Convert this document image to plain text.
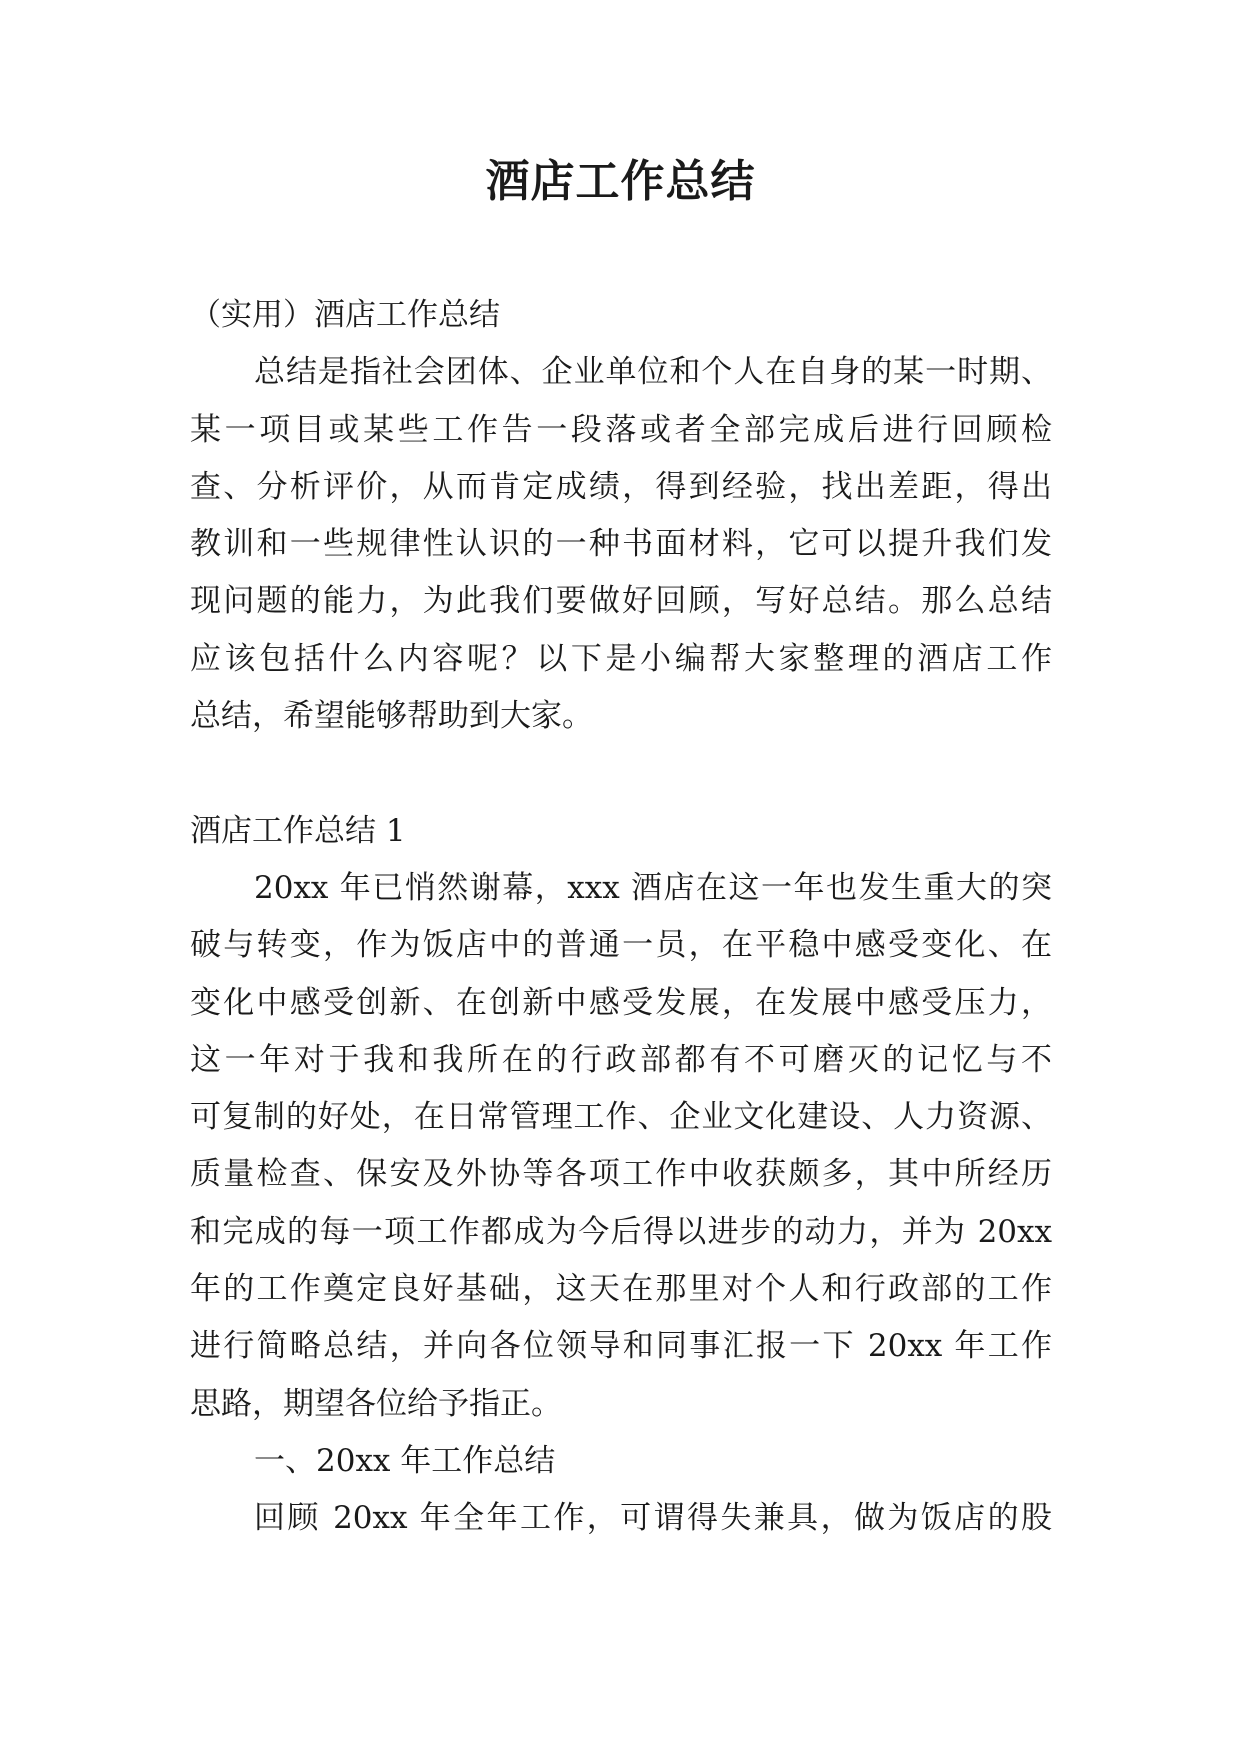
酒店工作总结
（实用）酒店工作总结
总结是指社会团体、企业单位和个人在自身的某一时期、
某一项目或某些工作告一段落或者全部完成后进行回顾检
查、分析评价，从而肯定成绩，得到经验，找出差距，得出
教训和一些规律性认识的一种书面材料，它可以提升我们发
现问题的能力，为此我们要做好回顾，写好总结。那么总结
应该包括什么内容呢？以下是小编帮大家整理的酒店工作
总结，希望能够帮助到大家。
酒店工作总结 1
20xx 年已悄然谢幕，xxx 酒店在这一年也发生重大的突
破与转变，作为饭店中的普通一员，在平稳中感受变化、在
变化中感受创新、在创新中感受发展，在发展中感受压力，
这一年对于我和我所在的行政部都有不可磨灭的记忆与不
可复制的好处，在日常管理工作、企业文化建设、人力资源、
质量检查、保安及外协等各项工作中收获颇多，其中所经历
和完成的每一项工作都成为今后得以进步的动力，并为 20xx
年的工作奠定良好基础，这天在那里对个人和行政部的工作
进行简略总结，并向各位领导和同事汇报一下 20xx 年工作
思路，期望各位给予指正。
一、20xx 年工作总结
回顾 20xx 年全年工作，可谓得失兼具，做为饭店的股
